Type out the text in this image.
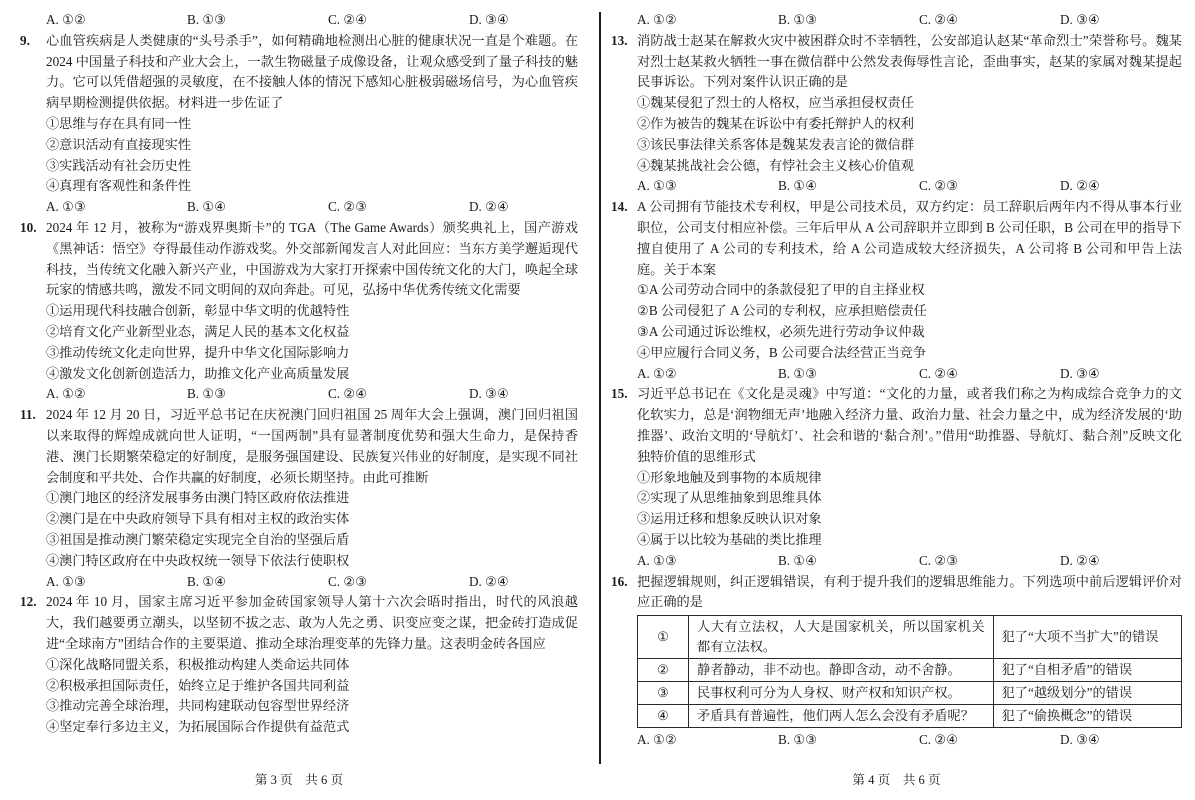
A. ①②	B. ①③	C. ②④	D. ③④
9.	心血管疾病是人类健康的“头号杀手”，如何精确地检测出心脏的健康状况一直是个难题。在 2024 中国量子科技和产业大会上，一款生物磁量子成像设备，让观众感受到了量子科技的魅力。它可以凭借超强的灵敏度，在不接触人体的情况下感知心脏极弱磁场信号，为心血管疾病早期检测提供依据。材料进一步佐证了
①思维与存在具有同一性
②意识活动有直接现实性
③实践活动有社会历史性
④真理有客观性和条件性
A. ①③	B. ①④	C. ②③	D. ②④
10. 2024 年 12 月，被称为“游戏界奥斯卡”的 TGA（The Game Awards）颁奖典礼上，国产游戏《黑神话：悟空》夺得最佳动作游戏奖。外交部新闻发言人对此回应：当东方美学邂逅现代科技，当传统文化融入新兴产业，中国游戏为大家打开探索中国传统文化的大门，唤起全球玩家的情感共鸣，激发不同文明间的双向奔赴。可见，弘扬中华优秀传统文化需要
①运用现代科技融合创新，彰显中华文明的优越特性
②培育文化产业新型业态，满足人民的基本文化权益
③推动传统文化走向世界，提升中华文化国际影响力
④激发文化创新创造活力，助推文化产业高质量发展
A. ①②	B. ①③	C. ②④	D. ③④
11. 2024 年 12 月 20 日，习近平总书记在庆祝澳门回归祖国 25 周年大会上强调，澳门回归祖国以来取得的辉煌成就向世人证明，“一国两制”具有显著制度优势和强大生命力，是保持香港、澳门长期繁荣稳定的好制度，是服务强国建设、民族复兴伟业的好制度，是实现不同社会制度和平共处、合作共赢的好制度，必须长期坚持。由此可推断
①澳门地区的经济发展事务由澳门特区政府依法推进
②澳门是在中央政府领导下具有相对主权的政治实体
③祖国是推动澳门繁荣稳定实现完全自治的坚强后盾
④澳门特区政府在中央政权统一领导下依法行使职权
A. ①③	B. ①④	C. ②③	D. ②④
12. 2024 年 10 月，国家主席习近平参加金砖国家领导人第十六次会晤时指出，时代的风浪越大，我们越要勇立潮头，以坚韧不拔之志、敢为人先之勇、识变应变之谋，把金砖打造成促进“全球南方”团结合作的主要渠道、推动全球治理变革的先锋力量。这表明金砖各国应
①深化战略同盟关系，积极推动构建人类命运共同体
②积极承担国际责任，始终立足于维护各国共同利益
③推动完善全球治理，共同构建联动包容型世界经济
④坚定奉行多边主义，为拓展国际合作提供有益范式
A. ①②	B. ①③	C. ②④	D. ③④
13. 消防战士赵某在解救火灾中被困群众时不幸牺牲，公安部追认赵某“革命烈士”荣誉称号。魏某对烈士赵某救火牺牲一事在微信群中公然发表侮辱性言论，歪曲事实，赵某的家属对魏某提起民事诉讼。下列对案件认识正确的是
①魏某侵犯了烈士的人格权，应当承担侵权责任
②作为被告的魏某在诉讼中有委托辩护人的权利
③该民事法律关系客体是魏某发表言论的微信群
④魏某挑战社会公德，有悖社会主义核心价值观
A. ①③	B. ①④	C. ②③	D. ②④
14. A 公司拥有节能技术专利权，甲是公司技术员，双方约定：员工辞职后两年内不得从事本行业职位，公司支付相应补偿。三年后甲从 A 公司辞职并立即到 B 公司任职，B 公司在甲的指导下擅自使用了 A 公司的专利技术，给 A 公司造成较大经济损失，A 公司将 B 公司和甲告上法庭。关于本案
①A 公司劳动合同中的条款侵犯了甲的自主择业权
②B 公司侵犯了 A 公司的专利权，应承担赔偿责任
③A 公司通过诉讼维权，必须先进行劳动争议仲裁
④甲应履行合同义务，B 公司要合法经营正当竞争
A. ①②	B. ①③	C. ②④	D. ③④
15. 习近平总书记在《文化是灵魂》中写道：“文化的力量，或者我们称之为构成综合竞争力的文化软实力，总是‘润物细无声’地融入经济力量、政治力量、社会力量之中，成为经济发展的‘助推器’、政治文明的‘导航灯’、社会和谐的‘黏合剂’。”借用“助推器、导航灯、黏合剂”反映文化独特价值的思维形式
①形象地触及到事物的本质规律
②实现了从思维抽象到思维具体
③运用迁移和想象反映认识对象
④属于以比较为基础的类比推理
A. ①③	B. ①④	C. ②③	D. ②④
16. 把握逻辑规则，纠正逻辑错误，有利于提升我们的逻辑思维能力。下列选项中前后逻辑评价对应正确的是
①	人大有立法权，人大是国家机关，所以国家机关都有立法权。	犯了“大项不当扩大”的错误
②	静者静动，非不动也。静即含动，动不舍静。	犯了“自相矛盾”的错误
③	民事权利可分为人身权、财产权和知识产权。	犯了“越级划分”的错误
④	矛盾具有普遍性，他们两人怎么会没有矛盾呢？	犯了“偷换概念”的错误
A. ①②	B. ①③	C. ②④	D. ③④
第 3 页　共 6 页	第 4 页　共 6 页
